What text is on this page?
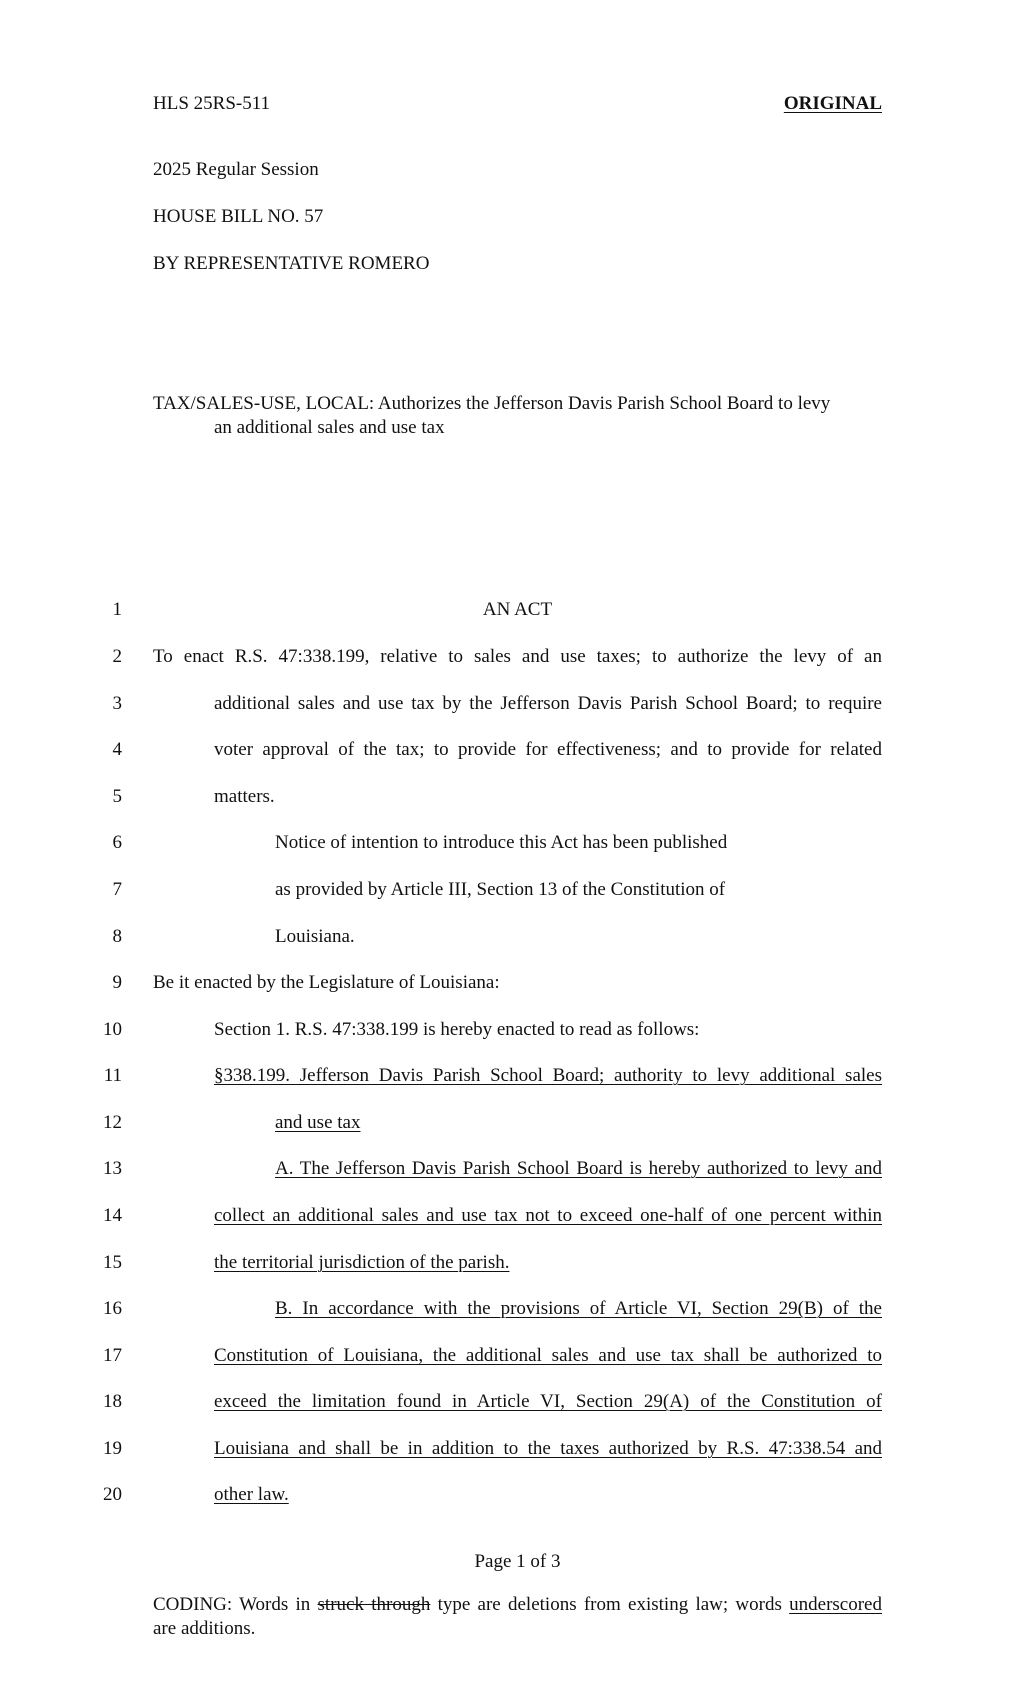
HLS 25RS-511	ORIGINAL
2025 Regular Session
HOUSE BILL NO. 57
BY REPRESENTATIVE ROMERO
TAX/SALES-USE, LOCAL: Authorizes the Jefferson Davis Parish School Board to levy
an additional sales and use tax
1
2
3
4
5
6
7
8
9
10
11
12
13
14
15
16
17
18
19
20
AN ACT
To enact R.S. 47:338.199, relative to sales and use taxes; to authorize the levy of an
additional sales and use tax by the Jefferson Davis Parish School Board; to require
voter approval of the tax; to provide for effectiveness; and to provide for related
matters.
Notice of intention to introduce this Act has been published
as provided by Article III, Section 13 of the Constitution of
Louisiana.
Be it enacted by the Legislature of Louisiana:
Section 1. R.S. 47:338.199 is hereby enacted to read as follows:
§338.199. Jefferson Davis Parish School Board; authority to levy additional sales
and use tax
A. The Jefferson Davis Parish School Board is hereby authorized to levy and
collect an additional sales and use tax not to exceed one-half of one percent within
the territorial jurisdiction of the parish.
B. In accordance with the provisions of Article VI, Section 29(B) of the
Constitution of Louisiana, the additional sales and use tax shall be authorized to
exceed the limitation found in Article VI, Section 29(A) of the Constitution of
Louisiana and shall be in addition to the taxes authorized by R.S. 47:338.54 and
other law.
Page 1 of 3
CODING: Words in struck through type are deletions from existing law; words underscored
are additions.
